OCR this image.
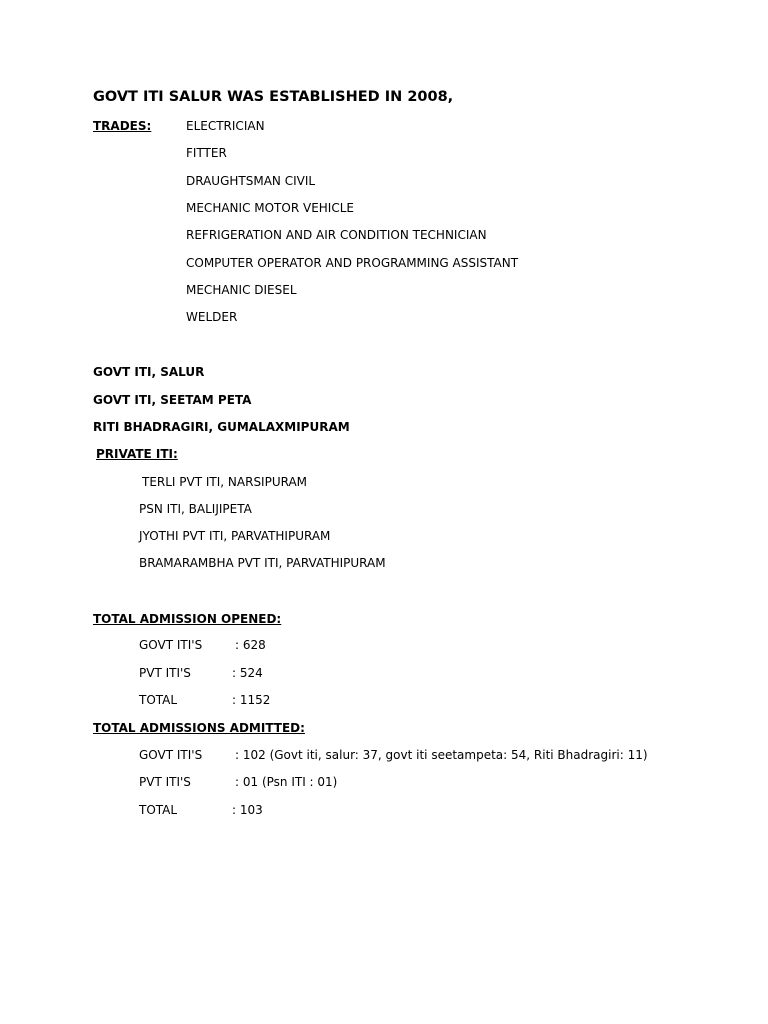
GOVT ITI SALUR WAS ESTABLISHED IN 2008,
TRADES:	ELECTRICIAN
FITTER
DRAUGHTSMAN CIVIL
MECHANIC MOTOR VEHICLE
REFRIGERATION AND AIR CONDITION TECHNICIAN
COMPUTER OPERATOR AND PROGRAMMING ASSISTANT
MECHANIC DIESEL
WELDER
GOVT ITI, SALUR
GOVT ITI, SEETAM PETA
RITI BHADRAGIRI, GUMALAXMIPURAM
PRIVATE ITI:
TERLI PVT ITI, NARSIPURAM
PSN ITI, BALIJIPETA
JYOTHI PVT ITI, PARVATHIPURAM
BRAMARAMBHA PVT ITI, PARVATHIPURAM
TOTAL ADMISSION OPENED:
GOVT ITI'S	: 628
PVT ITI'S	: 524
TOTAL	: 1152
TOTAL ADMISSIONS ADMITTED:
GOVT ITI'S	: 102 (Govt iti, salur: 37, govt iti seetampeta: 54, Riti Bhadragiri: 11)
PVT ITI'S	: 01 (Psn ITI : 01)
TOTAL	: 103
